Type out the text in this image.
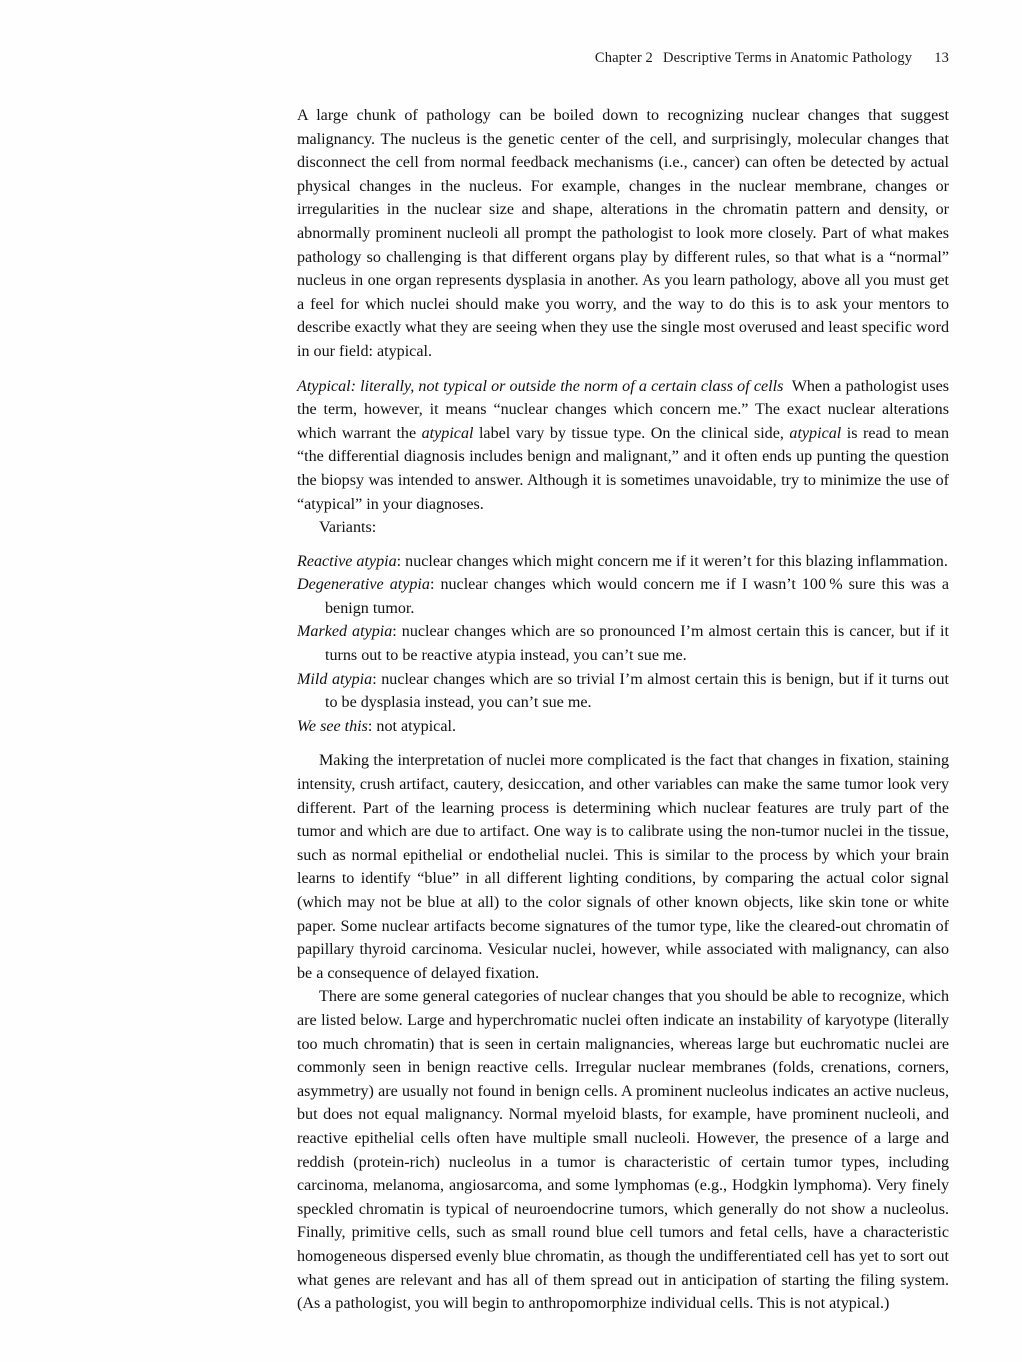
Chapter 2 Descriptive Terms in Anatomic Pathology 13

A large chunk of pathology can be boiled down to recognizing nuclear changes that suggest malignancy. The nucleus is the genetic center of the cell, and surprisingly, molecular changes that disconnect the cell from normal feedback mechanisms (i.e., cancer) can often be detected by actual physical changes in the nucleus. For example, changes in the nuclear membrane, changes or irregularities in the nuclear size and shape, alterations in the chromatin pattern and density, or abnormally prominent nucleoli all prompt the pathologist to look more closely. Part of what makes pathology so challenging is that different organs play by different rules, so that what is a “normal” nucleus in one organ represents dysplasia in another. As you learn pathology, above all you must get a feel for which nuclei should make you worry, and the way to do this is to ask your mentors to describe exactly what they are seeing when they use the single most overused and least specific word in our field: atypical.

Atypical: literally, not typical or outside the norm of a certain class of cells When a pathologist uses the term, however, it means “nuclear changes which concern me.” The exact nuclear alterations which warrant the atypical label vary by tissue type. On the clinical side, atypical is read to mean “the differential diagnosis includes benign and malignant,” and it often ends up punting the question the biopsy was intended to answer. Although it is sometimes unavoidable, try to minimize the use of “atypical” in your diagnoses.

Variants:

Reactive atypia: nuclear changes which might concern me if it weren’t for this blazing inflammation.

Degenerative atypia: nuclear changes which would concern me if I wasn’t 100 % sure this was a benign tumor.

Marked atypia: nuclear changes which are so pronounced I’m almost certain this is cancer, but if it turns out to be reactive atypia instead, you can’t sue me.

Mild atypia: nuclear changes which are so trivial I’m almost certain this is benign, but if it turns out to be dysplasia instead, you can’t sue me.

We see this: not atypical.

Making the interpretation of nuclei more complicated is the fact that changes in fixation, staining intensity, crush artifact, cautery, desiccation, and other variables can make the same tumor look very different. Part of the learning process is determining which nuclear features are truly part of the tumor and which are due to artifact. One way is to calibrate using the non-tumor nuclei in the tissue, such as normal epithelial or endothelial nuclei. This is similar to the process by which your brain learns to identify “blue” in all different lighting conditions, by comparing the actual color signal (which may not be blue at all) to the color signals of other known objects, like skin tone or white paper. Some nuclear artifacts become signatures of the tumor type, like the cleared-out chromatin of papillary thyroid carcinoma. Vesicular nuclei, however, while associated with malignancy, can also be a consequence of delayed fixation.

There are some general categories of nuclear changes that you should be able to recognize, which are listed below. Large and hyperchromatic nuclei often indicate an instability of karyotype (literally too much chromatin) that is seen in certain malignancies, whereas large but euchromatic nuclei are commonly seen in benign reactive cells. Irregular nuclear membranes (folds, crenations, corners, asymmetry) are usually not found in benign cells. A prominent nucleolus indicates an active nucleus, but does not equal malignancy. Normal myeloid blasts, for example, have prominent nucleoli, and reactive epithelial cells often have multiple small nucleoli. However, the presence of a large and reddish (protein-rich) nucleolus in a tumor is characteristic of certain tumor types, including carcinoma, melanoma, angiosarcoma, and some lymphomas (e.g., Hodgkin lymphoma). Very finely speckled chromatin is typical of neuroendocrine tumors, which generally do not show a nucleolus. Finally, primitive cells, such as small round blue cell tumors and fetal cells, have a characteristic homogeneous dispersed evenly blue chromatin, as though the undifferentiated cell has yet to sort out what genes are relevant and has all of them spread out in anticipation of starting the filing system. (As a pathologist, you will begin to anthropomorphize individual cells. This is not atypical.)
